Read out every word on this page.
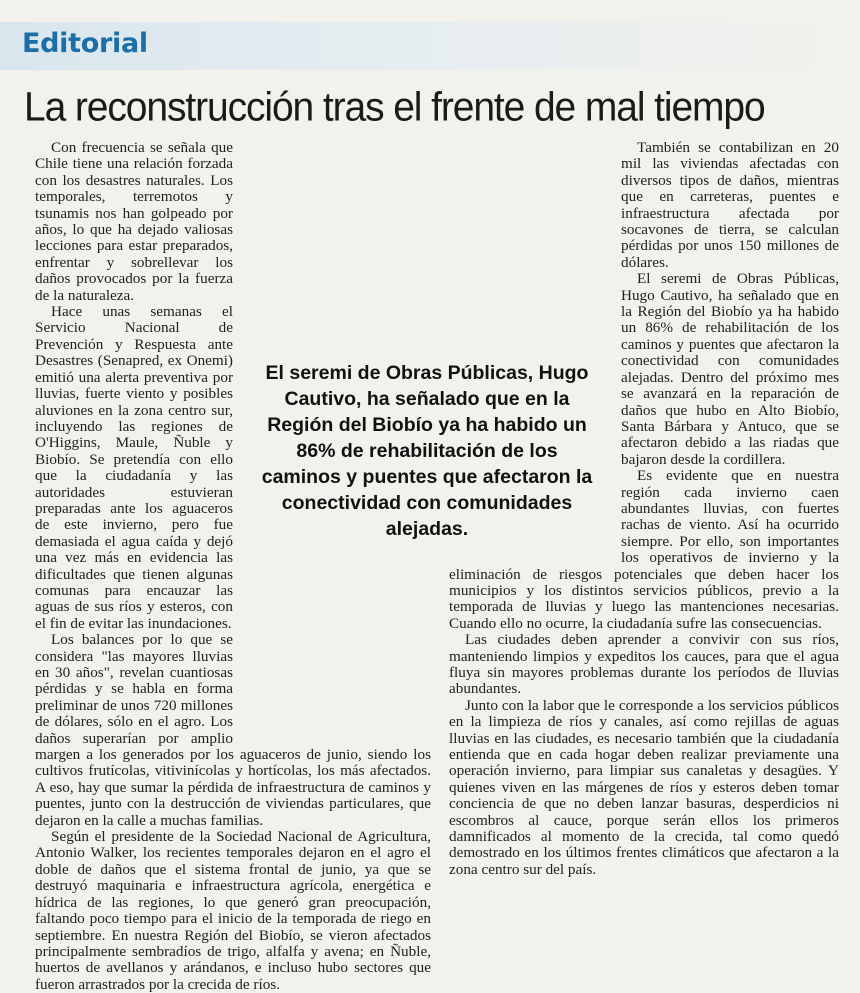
Editorial
La reconstrucción tras el frente de mal tiempo

Con frecuencia se señala que Chile tiene una relación forzada con los desastres naturales. Los temporales, terremotos y tsunamis nos han golpeado por años, lo que ha dejado valiosas lecciones para estar preparados, enfrentar y sobrellevar los daños provocados por la fuerza de la naturaleza.

Hace unas semanas el Servicio Nacional de Prevención y Respuesta ante Desastres (Senapred, ex Onemi) emitió una alerta preventiva por lluvias, fuerte viento y posibles aluviones en la zona centro sur, incluyendo las regiones de O'Higgins, Maule, Ñuble y Biobío. Se pretendía con ello que la ciudadanía y las autoridades estuvieran preparadas ante los aguaceros de este invierno, pero fue demasiada el agua caída y dejó una vez más en evidencia las dificultades que tienen algunas comunas para encauzar las aguas de sus ríos y esteros, con el fin de evitar las inundaciones.

Los balances por lo que se considera "las mayores lluvias en 30 años", revelan cuantiosas pérdidas y se habla en forma preliminar de unos 720 millones de dólares, sólo en el agro. Los daños superarían por amplio margen a los generados por los aguaceros de junio, siendo los cultivos frutícolas, vitivinícolas y hortícolas, los más afectados. A eso, hay que sumar la pérdida de infraestructura de caminos y puentes, junto con la destrucción de viviendas particulares, que dejaron en la calle a muchas familias.

Según el presidente de la Sociedad Nacional de Agricultura, Antonio Walker, los recientes temporales dejaron en el agro el doble de daños que el sistema frontal de junio, ya que se destruyó maquinaria e infraestructura agrícola, energética e hídrica de las regiones, lo que generó gran preocupación, faltando poco tiempo para el inicio de la temporada de riego en septiembre. En nuestra Región del Biobío, se vieron afectados principalmente sembradíos de trigo, alfalfa y avena; en Ñuble, huertos de avellanos y arándanos, e incluso hubo sectores que fueron arrastrados por la crecida de ríos.

También se contabilizan en 20 mil las viviendas afectadas con diversos tipos de daños, mientras que en carreteras, puentes e infraestructura afectada por socavones de tierra, se calculan pérdidas por unos 150 millones de dólares.

El seremi de Obras Públicas, Hugo Cautivo, ha señalado que en la Región del Biobío ya ha habido un 86% de rehabilitación de los caminos y puentes que afectaron la conectividad con comunidades alejadas. Dentro del próximo mes se avanzará en la reparación de daños que hubo en Alto Biobío, Santa Bárbara y Antuco, que se afectaron debido a las riadas que bajaron desde la cordillera.

Es evidente que en nuestra región cada invierno caen abundantes lluvias, con fuertes rachas de viento. Así ha ocurrido siempre. Por ello, son importantes los operativos de invierno y la eliminación de riesgos potenciales que deben hacer los municipios y los distintos servicios públicos, previo a la temporada de lluvias y luego las mantenciones necesarias. Cuando ello no ocurre, la ciudadanía sufre las consecuencias.

Las ciudades deben aprender a convivir con sus ríos, manteniendo limpios y expeditos los cauces, para que el agua fluya sin mayores problemas durante los períodos de lluvias abundantes.

Junto con la labor que le corresponde a los servicios públicos en la limpieza de ríos y canales, así como rejillas de aguas lluvias en las ciudades, es necesario también que la ciudadanía entienda que en cada hogar deben realizar previamente una operación invierno, para limpiar sus canaletas y desagües. Y quienes viven en las márgenes de ríos y esteros deben tomar conciencia de que no deben lanzar basuras, desperdicios ni escombros al cauce, porque serán ellos los primeros damnificados al momento de la crecida, tal como quedó demostrado en los últimos frentes climáticos que afectaron a la zona centro sur del país.

El seremi de Obras Públicas, Hugo Cautivo, ha señalado que en la Región del Biobío ya ha habido un 86% de rehabilitación de los caminos y puentes que afectaron la conectividad con comunidades alejadas.
